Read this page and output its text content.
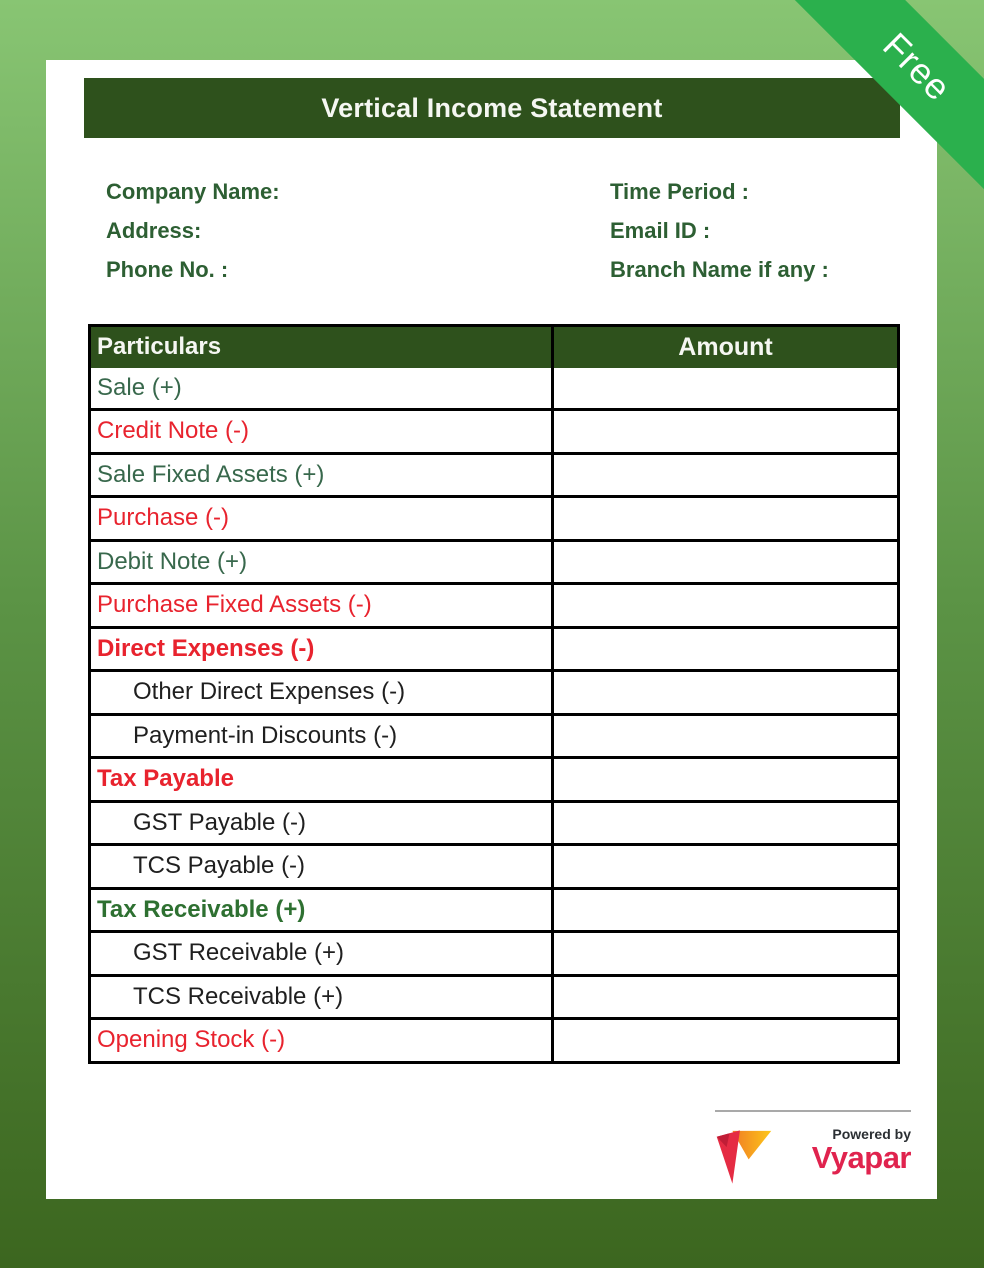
Vertical Income Statement
Company Name:
Address:
Phone No. :
Time Period :
Email ID :
Branch Name if any :
Particulars	Amount
Sale (+)
Credit Note (-)
Sale Fixed Assets (+)
Purchase (-)
Debit Note (+)
Purchase Fixed Assets (-)
Direct Expenses (-)
Other Direct Expenses (-)
Payment-in Discounts (-)
Tax Payable
GST Payable (-)
TCS Payable (-)
Tax Receivable (+)
GST Receivable (+)
TCS Receivable (+)
Opening Stock (-)
Powered by
Vyapar
Free
